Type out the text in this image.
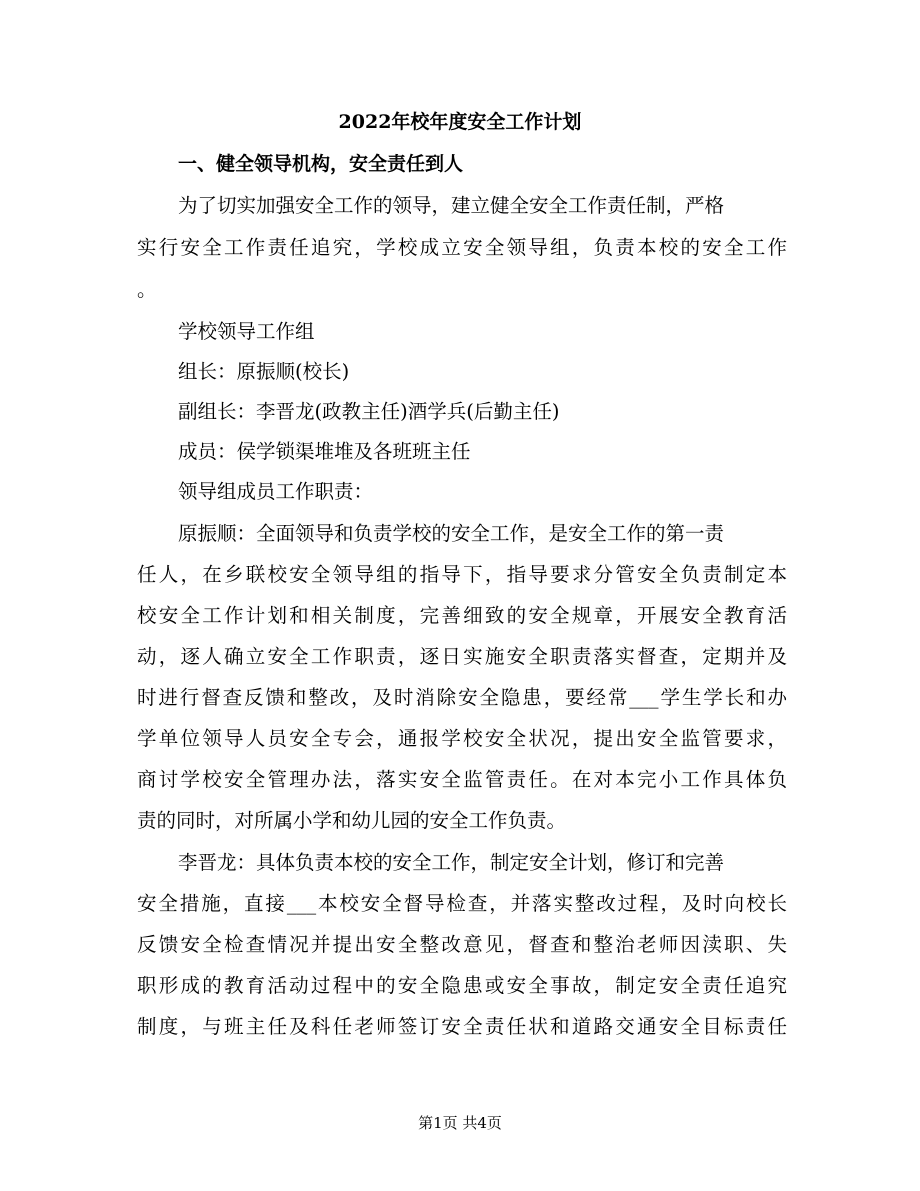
2022年校年度安全工作计划
一、健全领导机构，安全责任到人
为了切实加强安全工作的领导，建立健全安全工作责任制，严格
实行安全工作责任追究，学校成立安全领导组，负责本校的安全工作
。
学校领导工作组
组长：原振顺(校长)
副组长：李晋龙(政教主任)酒学兵(后勤主任)
成员：侯学锁渠堆堆及各班班主任
领导组成员工作职责：
原振顺：全面领导和负责学校的安全工作，是安全工作的第一责
任人，在乡联校安全领导组的指导下，指导要求分管安全负责制定本
校安全工作计划和相关制度，完善细致的安全规章，开展安全教育活
动，逐人确立安全工作职责，逐日实施安全职责落实督查，定期并及
时进行督查反馈和整改，及时消除安全隐患，要经常___学生学长和办
学单位领导人员安全专会，通报学校安全状况，提出安全监管要求，
商讨学校安全管理办法，落实安全监管责任。在对本完小工作具体负
责的同时，对所属小学和幼儿园的安全工作负责。
李晋龙：具体负责本校的安全工作，制定安全计划，修订和完善
安全措施，直接___本校安全督导检查，并落实整改过程，及时向校长
反馈安全检查情况并提出安全整改意见，督查和整治老师因渎职、失
职形成的教育活动过程中的安全隐患或安全事故，制定安全责任追究
制度，与班主任及科任老师签订安全责任状和道路交通安全目标责任
第1页 共4页
